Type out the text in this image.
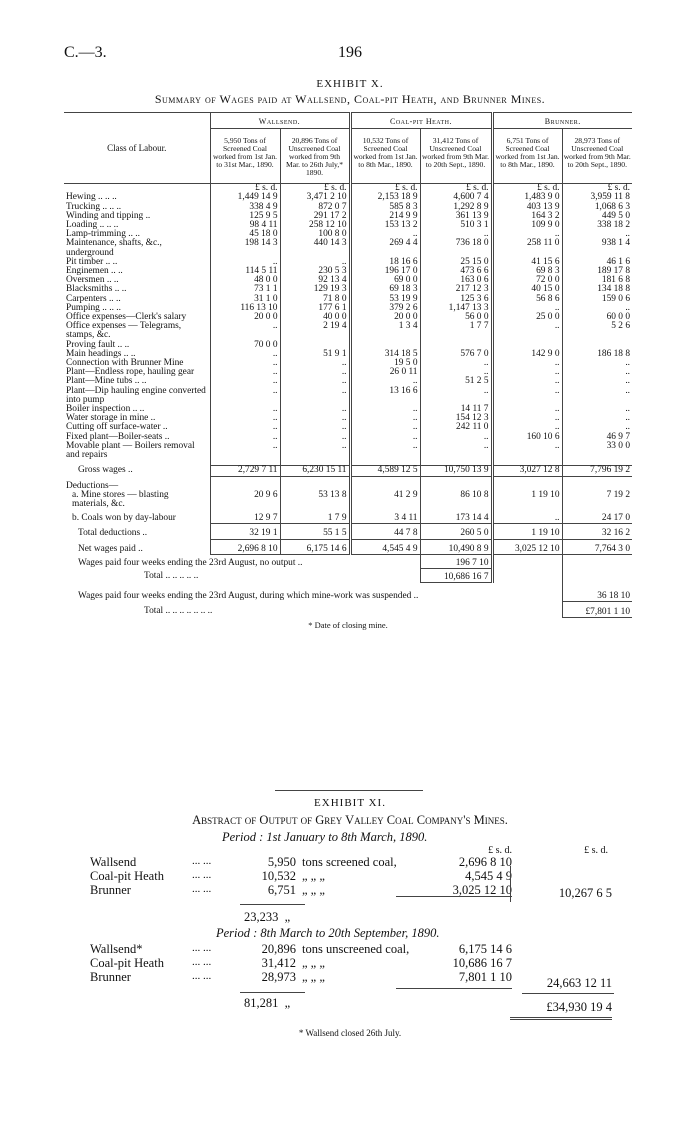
C.—3.	196
EXHIBIT X.
Summary of Wages paid at Wallsend, Coal-pit Heath, and Brunner Mines.
Class of Labour.	Wallsend.		Coal-pit Heath.		Brunner.	
	5,950 Tons of Screened Coal worked from 1st Jan. to 31st Mar., 1890.	20,896 Tons of Unscreened Coal worked from 9th Mar. to 26th July,* 1890.	10,532 Tons of Screened Coal worked from 1st Jan. to 8th Mar., 1890.	31,412 Tons of Unscreened Coal worked from 9th Mar. to 20th Sept., 1890.	6,751 Tons of Screened Coal worked from 1st Jan. to 8th Mar., 1890.	28,973 Tons of Unscreened Coal worked from 9th Mar. to 20th Sept., 1890.
	£ s. d.	£ s. d.	£ s. d.	£ s. d.	£ s. d.	£ s. d.
Hewing .. .. ..	1,449 14 9	3,471 2 10	2,153 18 9	4,600 7 4	1,483 9 0	3,959 11 8
Trucking .. .. ..	338 4 9	872 0 7	585 8 3	1,292 8 9	403 13 9	1,068 6 3
Winding and tipping ..	125 9 5	291 17 2	214 9 9	361 13 9	164 3 2	449 5 0
Loading .. .. ..	98 4 11	258 12 10	153 13 2	510 3 1	109 9 0	338 18 2
Lamp-trimming .. ..	45 18 0	100 8 0	..	..	..	..
Maintenance, shafts, &c., underground	198 14 3	440 14 3	269 4 4	736 18 0	258 11 0	938 1 4
Pit timber .. ..	..	..	18 16 6	25 15 0	41 15 6	46 1 6
Enginemen .. ..	114 5 11	230 5 3	196 17 0	473 6 6	69 8 3	189 17 8
Oversmen .. ..	48 0 0	92 13 4	69 0 0	163 0 6	72 0 0	181 6 8
Blacksmiths .. ..	73 1 1	129 19 3	69 18 3	217 12 3	40 15 0	134 18 8
Carpenters .. ..	31 1 0	71 8 0	53 19 9	125 3 6	56 8 6	159 0 6
Pumping .. .. ..	116 13 10	177 6 1	379 2 6	1,147 13 3	..	..
Office expenses—Clerk's salary	20 0 0	40 0 0	20 0 0	56 0 0	25 0 0	60 0 0
Office expenses — Telegrams, stamps, &c.	..	2 19 4	1 3 4	1 7 7	..	5 2 6
Proving fault .. ..	70 0 0					
Main headings .. ..	..	51 9 1	314 18 5	576 7 0	142 9 0	186 18 8
Connection with Brunner Mine	..	..	19 5 0	..	..	..
Plant—Endless rope, hauling gear	..	..	26 0 11	..	..	..
Plant—Mine tubs .. ..	..	..	..	51 2 5	..	..
Plant—Dip hauling engine converted into pump	..	..	13 16 6	..	..	..
Boiler inspection .. ..	..	..	..	14 11 7	..	..
Water storage in mine ..	..	..	..	154 12 3	..	..
Cutting off surface-water ..	..	..	..	242 11 0	..	..
Fixed plant—Boiler-seats ..	..	..	..	..	160 10 6	46 9 7
Movable plant — Boilers removal and repairs	..	..	..	..	..	33 0 0

Gross wages ..	2,729 7 11	6,230 15 11	4,589 12 5	10,750 13 9	3,027 12 8	7,796 19 2

Deductions—						
a. Mine stores — blasting materials, &c.	20 9 6	53 13 8	41 2 9	86 10 8	1 19 10	7 19 2

b. Coals won by day-labour	12 9 7	1 7 9	3 4 11	173 14 4	..	24 17 0

Total deductions ..	32 19 1	55 1 5	44 7 8	260 5 0	1 19 10	32 16 2

Net wages paid ..	2,696 8 10	6,175 14 6	4,545 4 9	10,490 8 9	3,025 12 10	7,764 3 0
Wages paid four weeks ending the 23rd August, no output ..				196 7 10		
Total .. .. .. .. ..				10,686 16 7		
Wages paid four weeks ending the 23rd August, during which mine-work was suspended ..						36 18 10
Total .. .. .. .. .. .. ..						£7,801 1 10
* Date of closing mine.						
EXHIBIT XI.
Abstract of Output of Grey Valley Coal Company's Mines.
Period : 1st January to 8th March, 1890.
£ s. d.	£ s. d.
Wallsend	... ...	5,950 tons screened coal,	2,696 8 10
Coal-pit Heath	... ...	10,532 „ „ „	4,545 4 9
Brunner	... ...	6,751 „ „ „	3,025 12 10
23,233 „
10,267 6 5
Period : 8th March to 20th September, 1890.
Wallsend*	... ...	20,896 tons unscreened coal,	6,175 14 6
Coal-pit Heath	... ...	31,412 „ „ „	10,686 16 7
Brunner	... ...	28,973 „ „ „	7,801 1 10
81,281 „
24,663 12 11
£34,930 19 4
* Wallsend closed 26th July.
